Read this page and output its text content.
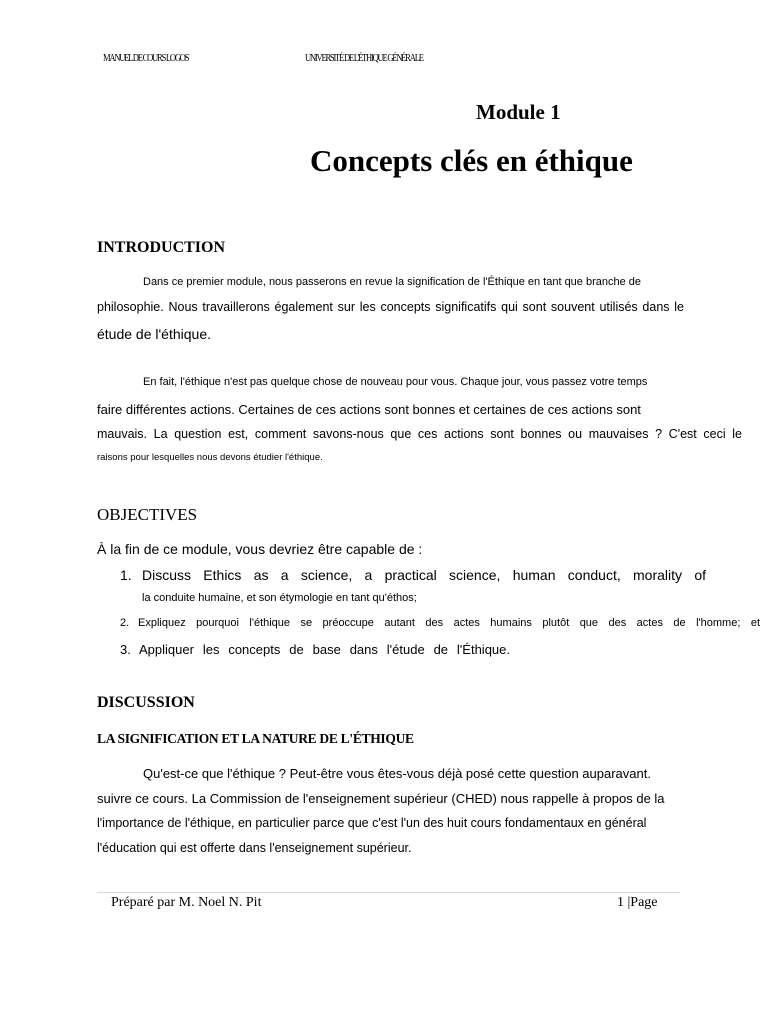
MANUEL DE COURS LOGOS	UNIVERSITÉ DE L'ÉTHIQUE GÉNÉRALE
Module 1
Concepts clés en éthique
INTRODUCTION
Dans ce premier module, nous passerons en revue la signification de l'Éthique en tant que branche de
philosophie. Nous travaillerons également sur les concepts significatifs qui sont souvent utilisés dans le
étude de l'éthique.
En fait, l'éthique n'est pas quelque chose de nouveau pour vous. Chaque jour, vous passez votre temps
faire différentes actions. Certaines de ces actions sont bonnes et certaines de ces actions sont
mauvais. La question est, comment savons-nous que ces actions sont bonnes ou mauvaises ? C'est ceci le
raisons pour lesquelles nous devons étudier l'éthique.
OBJECTIVES
À la fin de ce module, vous devriez être capable de :
1. Discuss Ethics as a science, a practical science, human conduct, morality of
la conduite humaine, et son étymologie en tant qu'éthos;
2. Expliquez pourquoi l'éthique se préoccupe autant des actes humains plutôt que des actes de l'homme; et
3. Appliquer les concepts de base dans l'étude de l'Éthique.
DISCUSSION
LA SIGNIFICATION ET LA NATURE DE L'ÉTHIQUE
Qu'est-ce que l'éthique ? Peut-être vous êtes-vous déjà posé cette question auparavant.
suivre ce cours. La Commission de l'enseignement supérieur (CHED) nous rappelle à propos de la
l'importance de l'éthique, en particulier parce que c'est l'un des huit cours fondamentaux en général
l'éducation qui est offerte dans l'enseignement supérieur.
Préparé par M. Noel N. Pit	1 |Page
